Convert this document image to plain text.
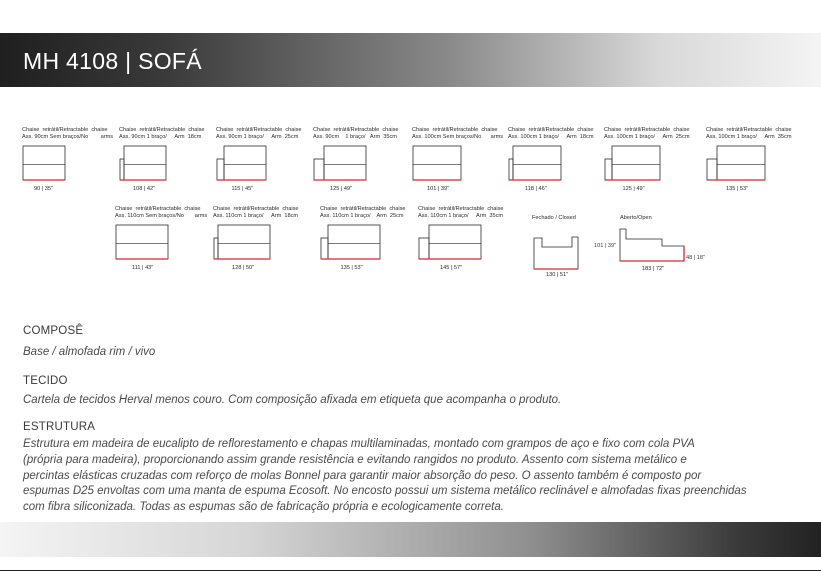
MH 4108 | SOFÁ
Chaise  retrátil/Retractable  chaise
Ass. 90cm Sem braços/No        arms
90 | 35"
Chaise  retrátil/Retractable  chaise
Ass. 90cm 1 braço/     Arm  18cm
108 | 42"
Chaise  retrátil/Retractable  chaise
Ass. 90cm 1 braço/     Arm  25cm
115 | 45"
Chaise  retrátil/Retractable  chaise
Ass. 90cm    1 braço/   Arm  35cm
125 | 49"
Chaise  retrátil/Retractable  chaise
Ass. 100cm Sem braços/No      arms
101 | 39"
Chaise  retrátil/Retractable  chaise
Ass. 100cm 1 braço/     Arm  18cm
118 | 46"
Chaise  retrátil/Retractable  chaise
Ass. 100cm 1 braço/     Arm  25cm
125 | 49"
Chaise  retrátil/Retractable  chaise
Ass. 100cm 1 braço/     Arm  35cm
135 | 53"
Chaise  retrátil/Retractable  chaise
Ass. 110cm Sem braços/No       arms
111 | 43"
Chaise  retrátil/Retractable  chaise
Ass. 110cm 1 braço/     Arm  18cm
128 | 50"
Chaise  retrátil/Retractable  chaise
Ass. 110cm 1 braço/    Arm  25cm
135 | 53"
Chaise  retrátil/Retractable  chaise
Ass. 110cm 1 braço/     Arm  35cm
145 | 57"
Fechado / Closed
130 | 51"
101 | 39"
Aberto/Open
183 | 72"
48 | 18"
COMPOSÊ
Base / almofada rim / vivo
TECIDO
Cartela de tecidos Herval menos couro. Com composição afixada em etiqueta que acompanha o produto.
ESTRUTURA
Estrutura em madeira de eucalipto de reflorestamento e chapas multilaminadas, montado com grampos de aço e fixo com cola PVA
(própria para madeira), proporcionando assim grande resistência e evitando rangidos no produto. Assento com sistema metálico e
percintas elásticas cruzadas com reforço de molas Bonnel para garantir maior absorção do peso. O assento também é composto por
espumas D25 envoltas com uma manta de espuma Ecosoft. No encosto possui um sistema metálico reclinável e almofadas fixas preenchidas
com fibra siliconizada. Todas as espumas são de fabricação própria e ecologicamente correta.
